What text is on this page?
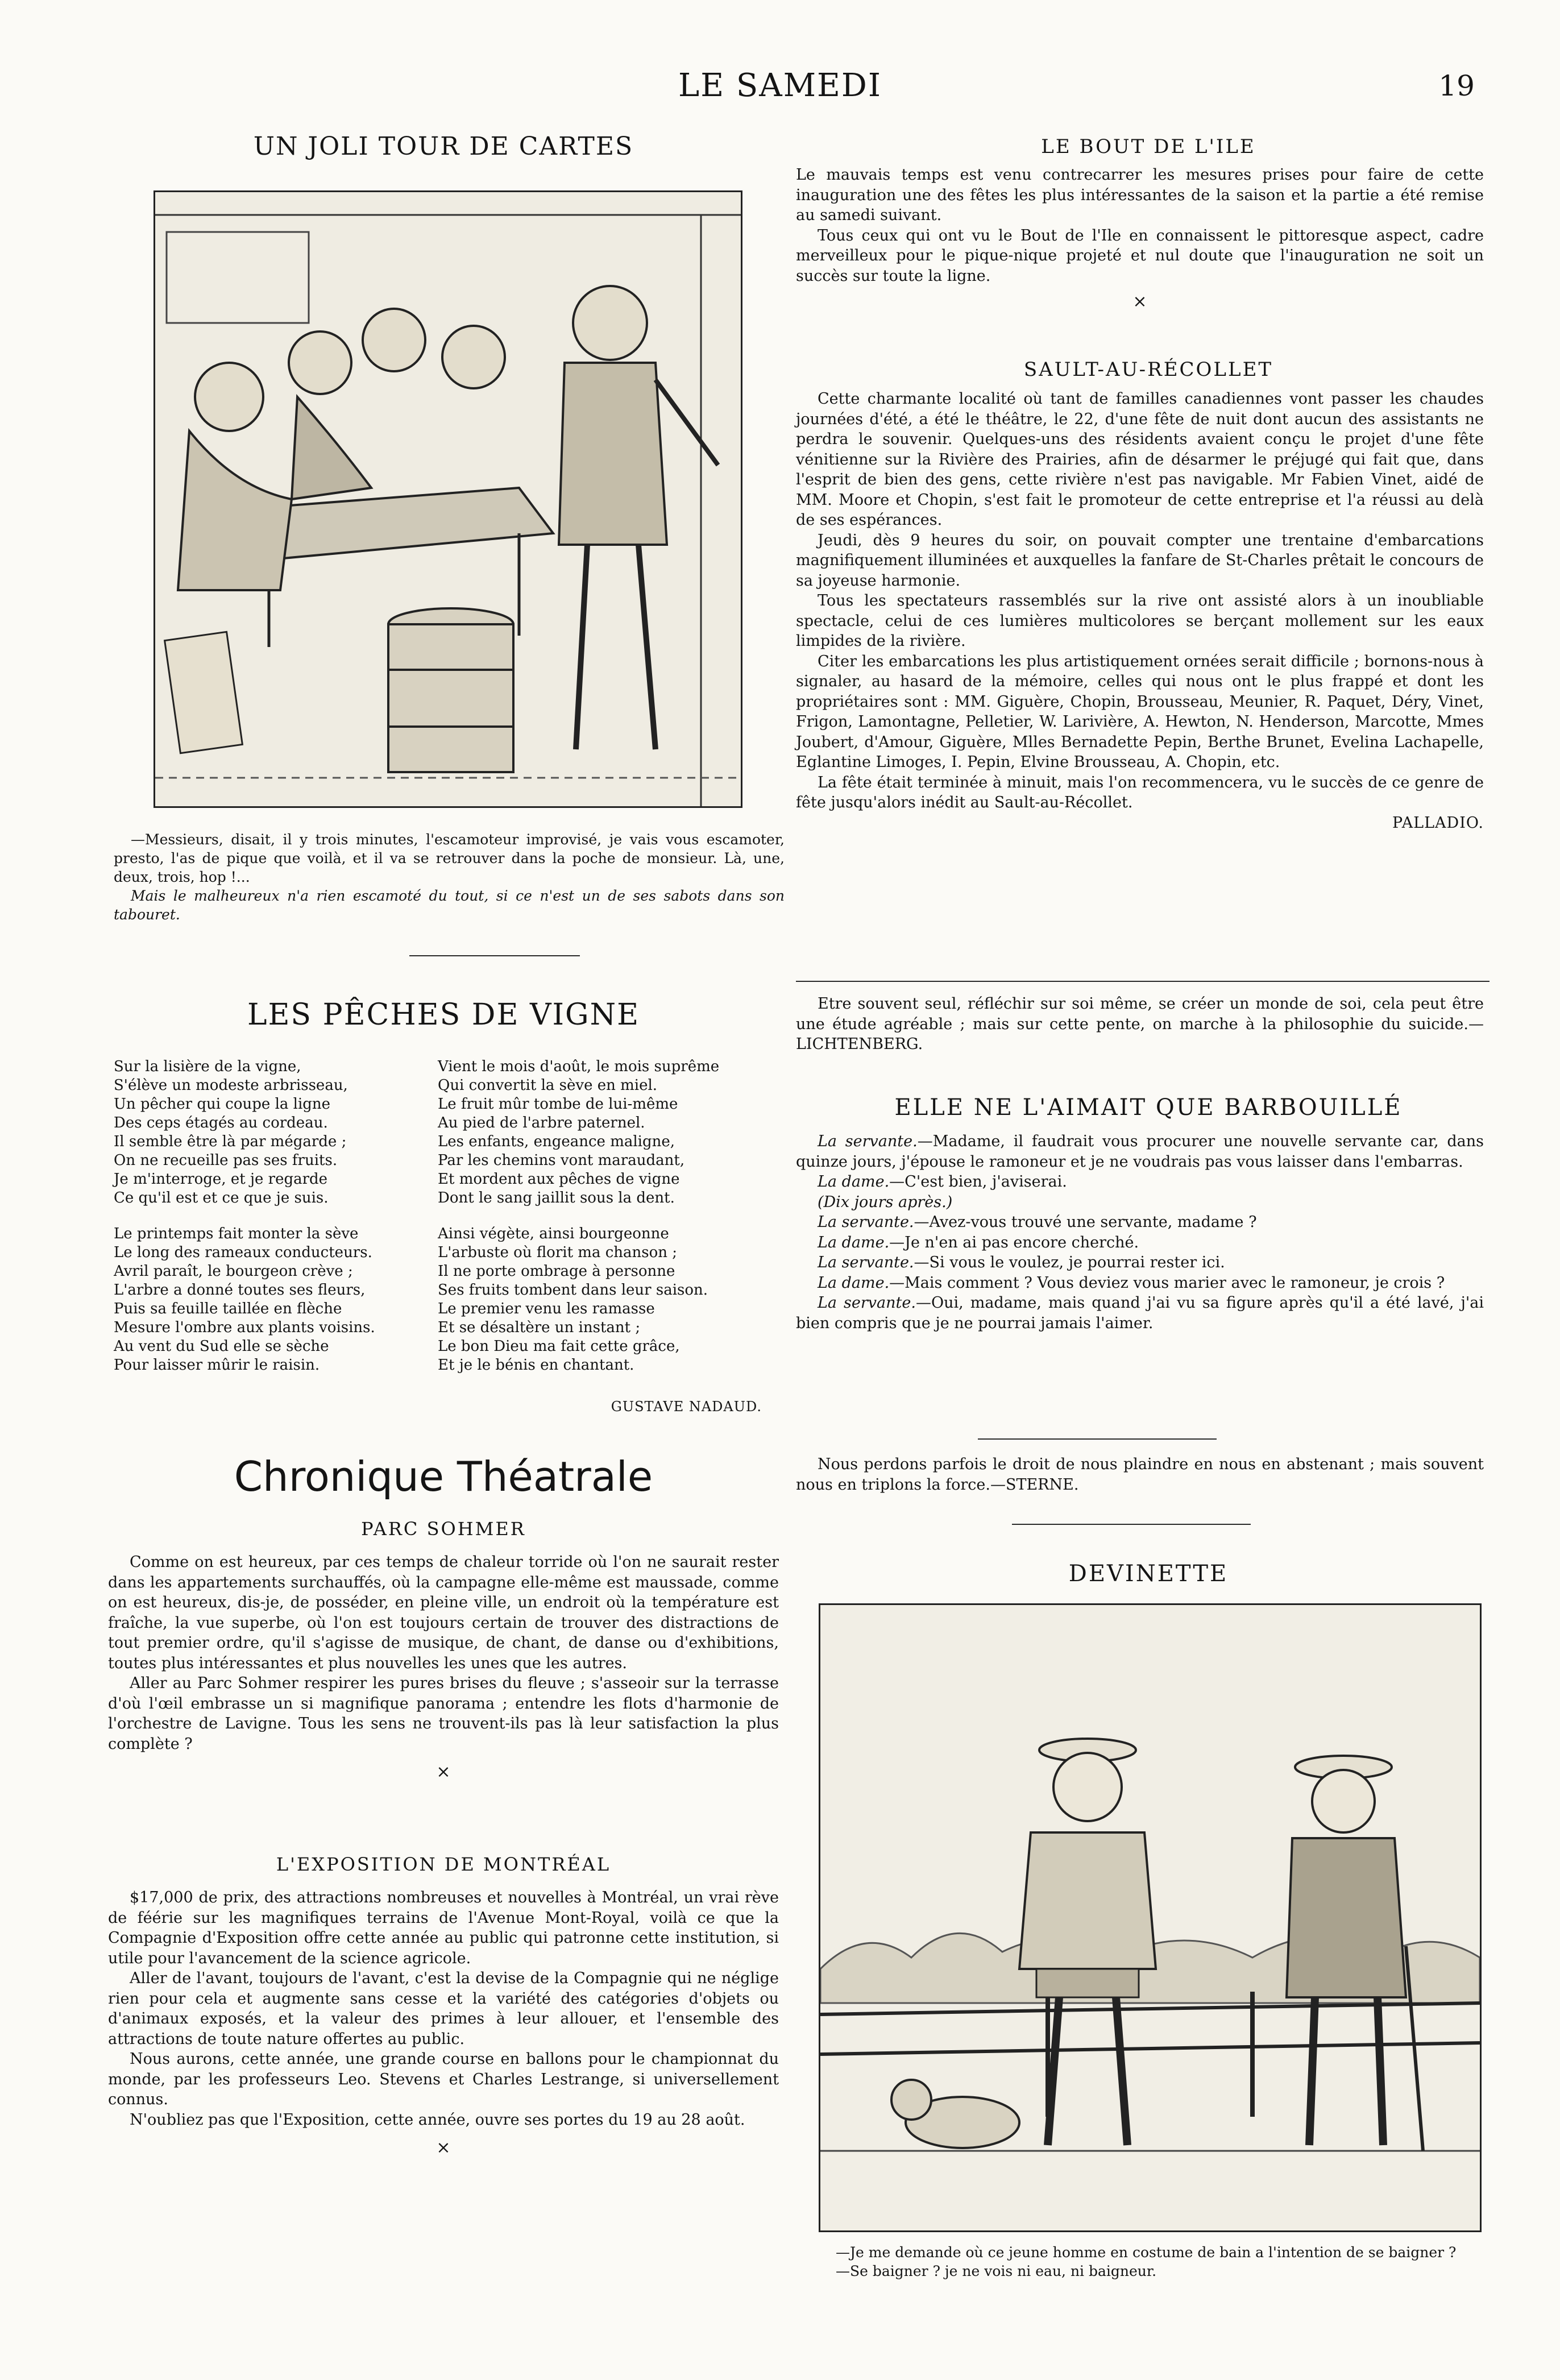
LE SAMEDI	19
UN JOLI TOUR DE CARTES

—Messieurs, disait, il y trois minutes, l'escamoteur improvisé, je vais vous escamoter, presto, l'as de pique que voilà, et il va se retrouver dans la poche de monsieur. Là, une, deux, trois, hop !...

Mais le malheureux n'a rien escamoté du tout, si ce n'est un de ses sabots dans son tabouret.

LES PÊCHES DE VIGNE
Sur la lisière de la vigne,
S'élève un modeste arbrisseau,
Un pêcher qui coupe la ligne
Des ceps étagés au cordeau.
Il semble être là par mégarde ;
On ne recueille pas ses fruits.
Je m'interroge, et je regarde
Ce qu'il est et ce que je suis.
Le printemps fait monter la sève
Le long des rameaux conducteurs.
Avril paraît, le bourgeon crève ;
L'arbre a donné toutes ses fleurs,
Puis sa feuille taillée en flèche
Mesure l'ombre aux plants voisins.
Au vent du Sud elle se sèche
Pour laisser mûrir le raisin.
Vient le mois d'août, le mois suprême
Qui convertit la sève en miel.
Le fruit mûr tombe de lui-même
Au pied de l'arbre paternel.
Les enfants, engeance maligne,
Par les chemins vont maraudant,
Et mordent aux pêches de vigne
Dont le sang jaillit sous la dent.
Ainsi végète, ainsi bourgeonne
L'arbuste où florit ma chanson ;
Il ne porte ombrage à personne
Ses fruits tombent dans leur saison.
Le premier venu les ramasse
Et se désaltère un instant ;
Le bon Dieu ma fait cette grâce,
Et je le bénis en chantant.
GUSTAVE NADAUD.
Chronique Théatrale
PARC SOHMER

Comme on est heureux, par ces temps de chaleur torride où l'on ne saurait rester dans les appartements surchauffés, où la campagne elle-même est maussade, comme on est heureux, dis-je, de posséder, en pleine ville, un endroit où la température est fraîche, la vue superbe, où l'on est toujours certain de trouver des distractions de tout premier ordre, qu'il s'agisse de musique, de chant, de danse ou d'exhibitions, toutes plus intéressantes et plus nouvelles les unes que les autres.

Aller au Parc Sohmer respirer les pures brises du fleuve ; s'asseoir sur la terrasse d'où l'œil embrasse un si magnifique panorama ; entendre les flots d'harmonie de l'orchestre de Lavigne. Tous les sens ne trouvent-ils pas là leur satisfaction la plus complète ?

×
L'EXPOSITION DE MONTRÉAL

$17,000 de prix, des attractions nombreuses et nouvelles à Montréal, un vrai rève de féérie sur les magnifiques terrains de l'Avenue Mont-Royal, voilà ce que la Compagnie d'Exposition offre cette année au public qui patronne cette institution, si utile pour l'avancement de la science agricole.

Aller de l'avant, toujours de l'avant, c'est la devise de la Compagnie qui ne néglige rien pour cela et augmente sans cesse et la variété des catégories d'objets ou d'animaux exposés, et la valeur des primes à leur allouer, et l'ensemble des attractions de toute nature offertes au public.

Nous aurons, cette année, une grande course en ballons pour le championnat du monde, par les professeurs Leo. Stevens et Charles Lestrange, si universellement connus.

N'oubliez pas que l'Exposition, cette année, ouvre ses portes du 19 au 28 août.

×
LE BOUT DE L'ILE

Le mauvais temps est venu contrecarrer les mesures prises pour faire de cette inauguration une des fêtes les plus intéressantes de la saison et la partie a été remise au samedi suivant.

Tous ceux qui ont vu le Bout de l'Ile en connaissent le pittoresque aspect, cadre merveilleux pour le pique-nique projeté et nul doute que l'inauguration ne soit un succès sur toute la ligne.

×
SAULT-AU-RÉCOLLET

Cette charmante localité où tant de familles canadiennes vont passer les chaudes journées d'été, a été le théâtre, le 22, d'une fête de nuit dont aucun des assistants ne perdra le souvenir. Quelques-uns des résidents avaient conçu le projet d'une fête vénitienne sur la Rivière des Prairies, afin de désarmer le préjugé qui fait que, dans l'esprit de bien des gens, cette rivière n'est pas navigable. Mr Fabien Vinet, aidé de MM. Moore et Chopin, s'est fait le promoteur de cette entreprise et l'a réussi au delà de ses espérances.

Jeudi, dès 9 heures du soir, on pouvait compter une trentaine d'embarcations magnifiquement illuminées et auxquelles la fanfare de St-Charles prêtait le concours de sa joyeuse harmonie.

Tous les spectateurs rassemblés sur la rive ont assisté alors à un inoubliable spectacle, celui de ces lumières multicolores se berçant mollement sur les eaux limpides de la rivière.

Citer les embarcations les plus artistiquement ornées serait difficile ; bornons-nous à signaler, au hasard de la mémoire, celles qui nous ont le plus frappé et dont les propriétaires sont : MM. Giguère, Chopin, Brousseau, Meunier, R. Paquet, Déry, Vinet, Frigon, Lamontagne, Pelletier, W. Larivière, A. Hewton, N. Henderson, Marcotte, Mmes Joubert, d'Amour, Giguère, Mlles Bernadette Pepin, Berthe Brunet, Evelina Lachapelle, Eglantine Limoges, I. Pepin, Elvine Brousseau, A. Chopin, etc.

La fête était terminée à minuit, mais l'on recommencera, vu le succès de ce genre de fête jusqu'alors inédit au Sault-au-Récollet.

PALLADIO.

Etre souvent seul, réfléchir sur soi même, se créer un monde de soi, cela peut être une étude agréable ; mais sur cette pente, on marche à la philosophie du suicide.—LICHTENBERG.

ELLE NE L'AIMAIT QUE BARBOUILLÉ

La servante.—Madame, il faudrait vous procurer une nouvelle servante car, dans quinze jours, j'épouse le ramoneur et je ne voudrais pas vous laisser dans l'embarras.

La dame.—C'est bien, j'aviserai.

(Dix jours après.)

La servante.—Avez-vous trouvé une servante, madame ?

La dame.—Je n'en ai pas encore cherché.

La servante.—Si vous le voulez, je pourrai rester ici.

La dame.—Mais comment ? Vous deviez vous marier avec le ramoneur, je crois ?

La servante.—Oui, madame, mais quand j'ai vu sa figure après qu'il a été lavé, j'ai bien compris que je ne pourrai jamais l'aimer.

Nous perdons parfois le droit de nous plaindre en nous en abstenant ; mais souvent nous en triplons la force.—STERNE.

DEVINETTE

—Je me demande où ce jeune homme en costume de bain a l'intention de se baigner ?

—Se baigner ? je ne vois ni eau, ni baigneur.
